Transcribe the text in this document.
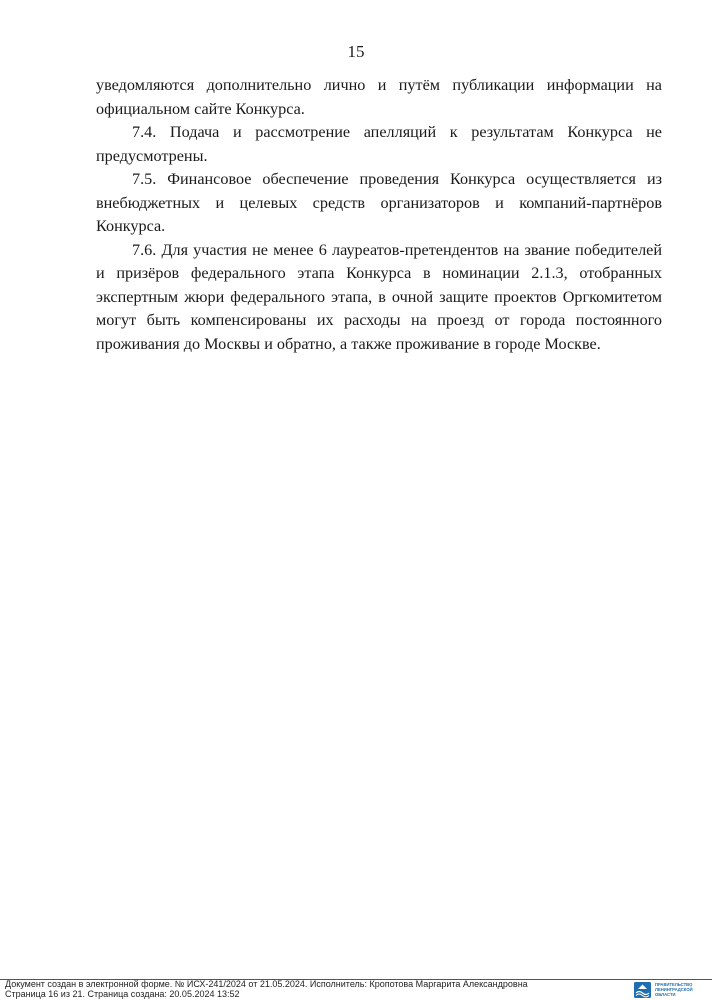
15

уведомляются дополнительно лично и путём публикации информации на официальном сайте Конкурса.

7.4. Подача и рассмотрение апелляций к результатам Конкурса не предусмотрены.

7.5. Финансовое обеспечение проведения Конкурса осуществляется из внебюджетных и целевых средств организаторов и компаний-партнёров Конкурса.

7.6. Для участия не менее 6 лауреатов-претендентов на звание победителей и призёров федерального этапа Конкурса в номинации 2.1.3, отобранных экспертным жюри федерального этапа, в очной защите проектов Оргкомитетом могут быть компенсированы их расходы на проезд от города постоянного проживания до Москвы и обратно, а также проживание в городе Москве.

Документ создан в электронной форме. № ИСХ-241/2024 от 21.05.2024. Исполнитель: Кропотова Маргарита Александровна
Страница 16 из 21. Страница создана: 20.05.2024 13:52
ПРАВИТЕЛЬСТВО
ЛЕНИНГРАДСКОЙ
ОБЛАСТИ
